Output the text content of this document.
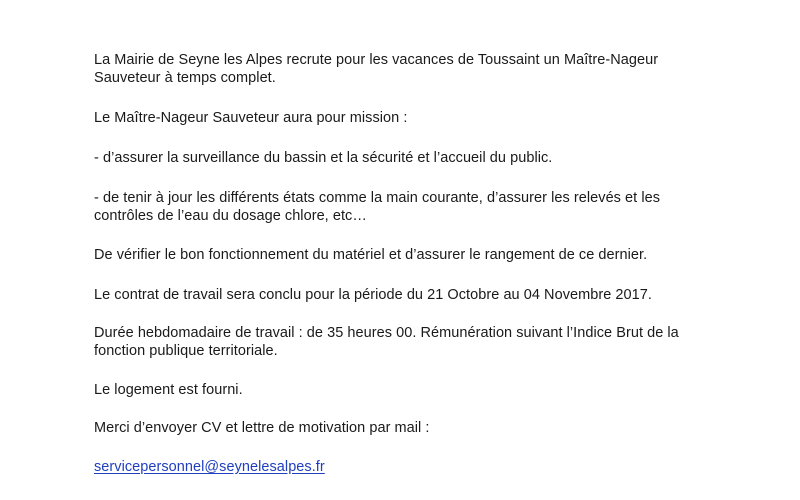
La Mairie de Seyne les Alpes recrute pour les vacances de Toussaint un Maître-Nageur
Sauveteur à temps complet.
Le Maître-Nageur Sauveteur aura pour mission :
- d’assurer la surveillance du bassin et la sécurité et l’accueil du public.
- de tenir à jour les différents états comme la main courante, d’assurer les relevés et les
contrôles de l’eau du dosage chlore, etc…
De vérifier le bon fonctionnement du matériel et d’assurer le rangement de ce dernier.
Le contrat de travail sera conclu pour la période du 21 Octobre au 04 Novembre 2017.
Durée hebdomadaire de travail : de 35 heures 00. Rémunération suivant l’Indice Brut de la
fonction publique territoriale.
Le logement est fourni.
Merci d’envoyer CV et lettre de motivation par mail :
servicepersonnel@seynelesalpes.fr
